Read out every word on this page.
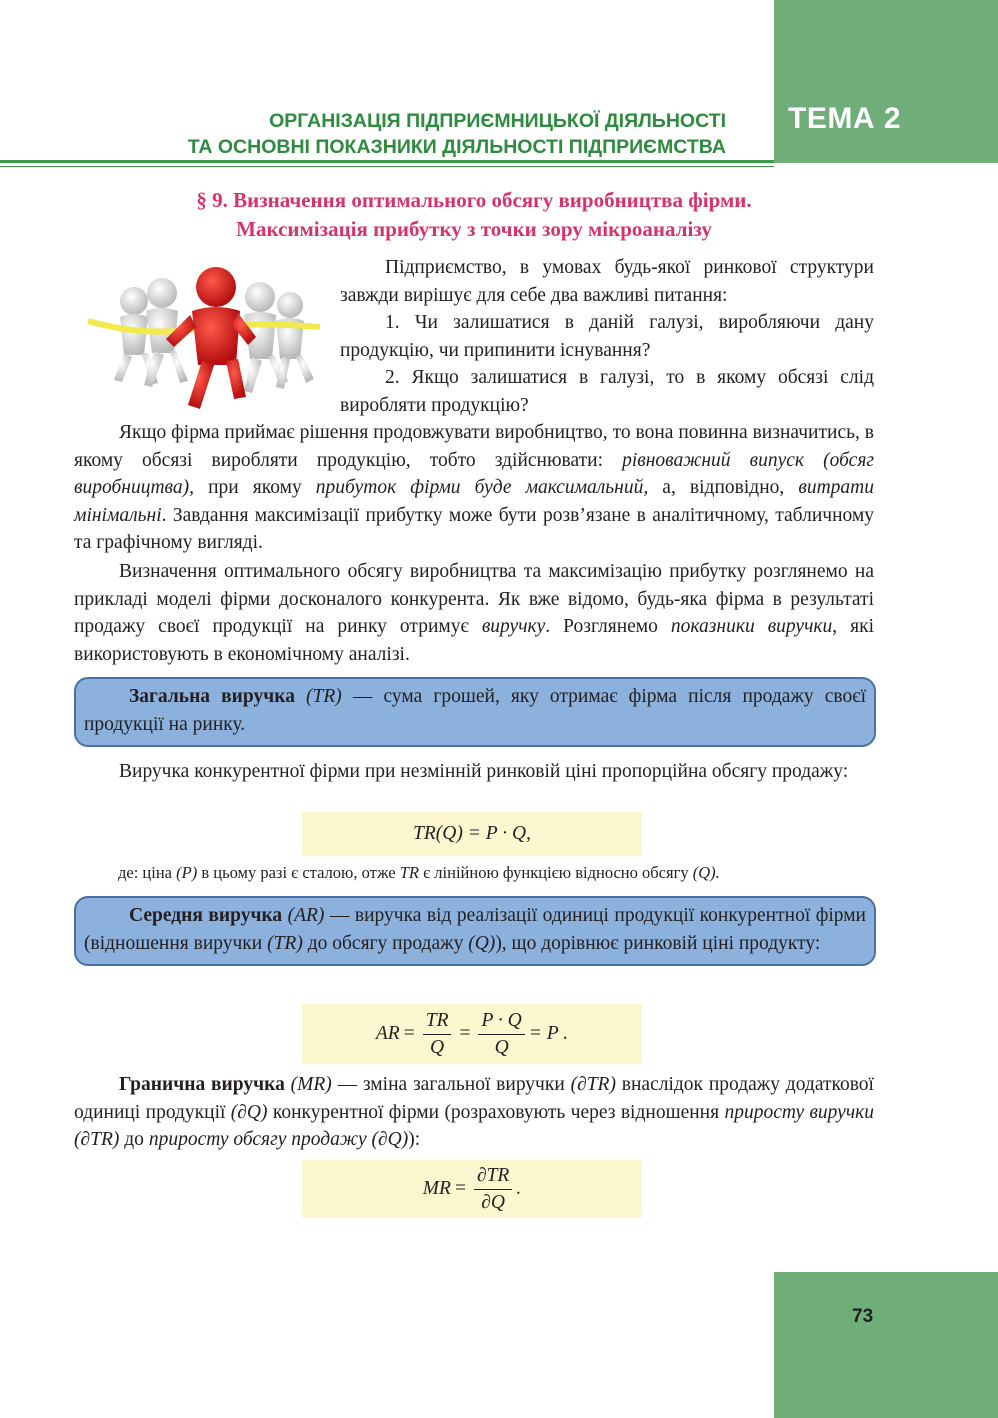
ТЕМА 2
ОРГАНІЗАЦІЯ ПІДПРИЄМНИЦЬКОЇ ДІЯЛЬНОСТІ
ТА ОСНОВНІ ПОКАЗНИКИ ДІЯЛЬНОСТІ ПІДПРИЄМСТВА
§ 9. Визначення оптимального обсягу виробництва фірми.
Максимізація прибутку з точки зору мікроаналізу

Підприємство, в умовах будь-якої ринкової структури завжди вирішує для себе два важливі питання:

1. Чи залишатися в даній галузі, виробляючи дану продукцію, чи припинити існування?

2. Якщо залишатися в галузі, то в якому обсязі слід виробляти продукцію?

Якщо фірма приймає рішення продовжувати виробництво, то вона повинна визначитись, в якому обсязі виробляти продукцію, тобто здійснювати: рівноважний випуск (обсяг виробництва), при якому прибуток фірми буде максимальний, а, відповідно, витрати мінімальні. Завдання максимізації прибутку може бути розв’язане в аналітичному, табличному та графічному вигляді.

Визначення оптимального обсягу виробництва та максимізацію прибутку розглянемо на прикладі моделі фірми досконалого конкурента. Як вже відомо, будь-яка фірма в результаті продажу своєї продукції на ринку отримує виручку. Розглянемо показники виручки, які використовують в економічному аналізі.

Загальна виручка (TR) — сума грошей, яку отримає фірма після продажу своєї продукції на ринку.

Виручка конкурентної фірми при незмінній ринковій ціні пропорційна обсягу продажу:

TR(Q) = P · Q,
де: ціна (P) в цьому разі є сталою, отже TR є лінійною функцією відносно обсягу (Q).
Середня виручка (AR) — виручка від реалізації одиниці продукції конкурентної фірми (відношення виручки (TR) до обсягу продажу (Q)), що дорівнює ринковій ціні продукту:
AR = $\frac{TR}{Q} = \frac{P \cdot Q}{Q} = P$ .

Гранична виручка (MR) — зміна загальної виручки (∂TR) внаслідок продажу додаткової одиниці продукції (∂Q) конкурентної фірми (розраховують через відношення приросту виручки (∂TR) до приросту обсягу продажу (∂Q)):

MR = $\frac{\partial TR}{\partial Q}$ .
73
